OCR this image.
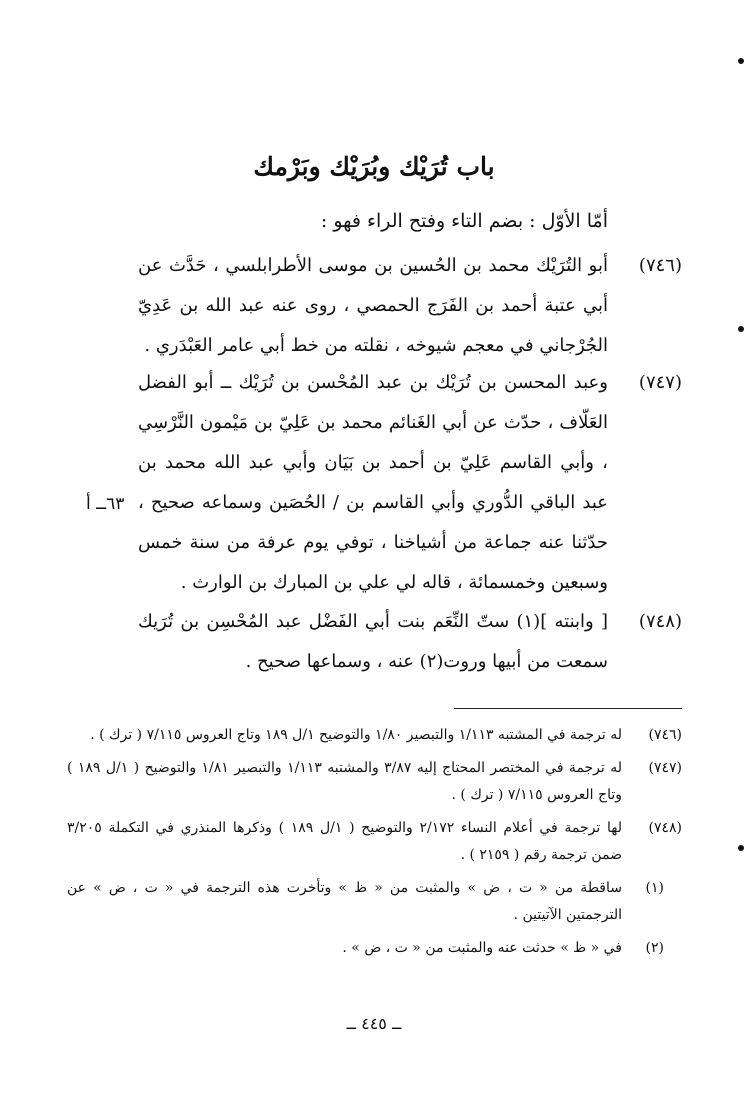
باب تُرَيْك وبُرَيْك وبَرْمك
أمّا الأوّل : بضم التاء وفتح الراء فهو :
(٧٤٦)
أبو التُرَيْك محمد بن الحُسين بن موسى الأطرابلسي ، حَدَّث عن أبي عتبة أحمد بن الفَرَج الحمصي ، روى عنه عبد الله بن عَدِيّ الجُرْجاني في معجم شيوخه ، نقلته من خط أبي عامر العَبْدَري .
(٧٤٧)
وعبد المحسن بن تُرَيْك بن عبد المُحْسن بن تُرَيْك ــ أبو الفضل العَلّاف ، حدّث عن أبي الغَنائم محمد بن عَلِيّ بن مَيْمون النَّرْسِي ، وأبي القاسم عَلِيّ بن أحمد بن بَيَان وأبي عبد الله محمد بن عبد الباقي الدُّوري وأبي القاسم بن / الحُصَين وسماعه صحيح ، حدّثنا عنه جماعة من أشياخنا ، توفي يوم عرفة من سنة خمس وسبعين وخمسمائة ، قاله لي علي بن المبارك بن الوارث .
٦٣ــ أ
(٧٤٨)
[ وابنته ](١) ستّ النِّعَم بنت أبي الفَضْل عبد المُحْسِن بن تُرَيك سمعت من أبيها وروت(٢) عنه ، وسماعها صحيح .
(٧٤٦)
له ترجمة في المشتبه ١/١١٣ والتبصير ١/٨٠ والتوضيح ١/ل ١٨٩ وتاج العروس ٧/١١٥ ( ترك ) .
(٧٤٧)
له ترجمة في المختصر المحتاج إليه ٣/٨٧ والمشتبه ١/١١٣ والتبصير ١/٨١ والتوضيح ( ١/ل ١٨٩ ) وتاج العروس ٧/١١٥ ( ترك ) .
(٧٤٨)
لها ترجمة في أعلام النساء ٢/١٧٢ والتوضيح ( ١/ل ١٨٩ ) وذكرها المنذري في التكملة ٣/٢٠٥ ضمن ترجمة رقم ( ٢١٥٩ ) .
(١)
ساقطة من « ت ، ض » والمثبت من « ظ » وتأخرت هذه الترجمة في « ت ، ض » عن الترجمتين الآتيتين .
(٢)
في « ظ » حدثت عنه والمثبت من « ت ، ض » .
ــ ٤٤٥ ــ
